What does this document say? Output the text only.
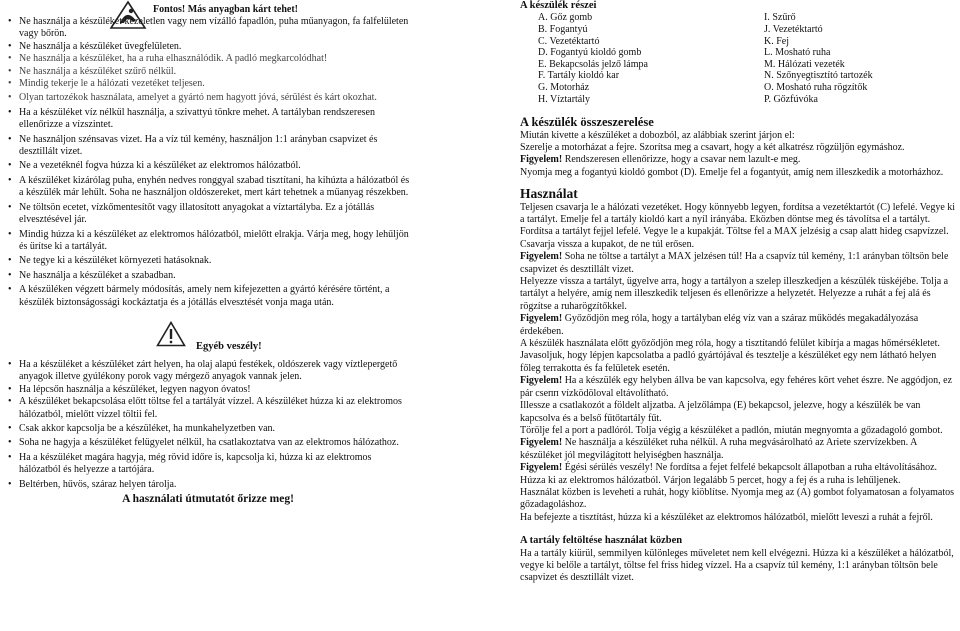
Fontos! Más anyagban kárt tehet!
• Ne használja a készüléket kezeletlen vagy nem vízálló fapadlón, puha műanyagon, fa falfelületen vagy bőrön.
• Ne használja a készüléket üvegfelületen.
• Ne használja a készüléket, ha a ruha elhasználódik. A padló megkarcolódhat!
• Ne használja a készüléket szűrő nélkül.
• Mindig tekerje le a hálózati vezetéket teljesen.
• Olyan tartozékok használata, amelyet a gyártó nem hagyott jóvá, sérülést és kárt okozhat.
• Ha a készüléket víz nélkül használja, a szivattyú tönkre mehet. A tartályban rendszeresen ellenőrizze a vízszintet.
• Ne használjon szénsavas vizet. Ha a víz túl kemény, használjon 1:1 arányban csapvizet és desztillált vizet.
• Ne a vezetéknél fogva húzza ki a készüléket az elektromos hálózatból.
• A készüléket kizárólag puha, enyhén nedves ronggyal szabad tisztítani, ha kihúzta a hálózatból és a készülék már lehűlt. Soha ne használjon oldószereket, mert kárt tehetnek a műanyag részekben.
• Ne töltsön ecetet, vízkőmentesítőt vagy illatosított anyagokat a víztartályba. Ez a jótállás elvesztésével jár.
• Mindig húzza ki a készüléket az elektromos hálózatból, mielőtt elrakja. Várja meg, hogy lehűljön és ürítse ki a tartályát.
• Ne tegye ki a készüléket környezeti hatásoknak.
• Ne használja a készüléket a szabadban.
• A készüléken végzett bármely módosítás, amely nem kifejezetten a gyártó kérésére történt, a készülék biztonságossági kockáztatja és a jótállás elvesztését vonja maga után.
Egyéb veszély!
• Ha a készüléket a készüléket zárt helyen, ha olaj alapú festékek, oldószerek vagy víztlepergető anyagok illetve gyúlékony porok vagy mérgező anyagok vannak jelen.
• Ha lépcsőn használja a készüléket, legyen nagyon óvatos!
• A készüléket bekapcsolása előtt töltse fel a tartályát vízzel. A készüléket húzza ki az elektromos hálózatból, mielőtt vízzel töltii fel.
• Csak akkor kapcsolja be a készüléket, ha munkahelyzetben van.
• Soha ne hagyja a készüléket felügyelet nélkül, ha csatlakoztatva van az elektromos hálózathoz.
• Ha a készüléket magára hagyja, még rövid időre is, kapcsolja ki, húzza ki az elektromos hálózatból és helyezze a tartójára.
• Beltérben, hűvös, száraz helyen tárolja.
A használati útmutatót őrizze meg!
A készülék részei
A. Gőz gomb	I. Szűrő
B. Fogantyú	J. Vezetéktartó
C. Vezetéktartó	K. Fej
D. Fogantyú kioldó gomb	L. Mosható ruha
E. Bekapcsolás jelző lámpa	M. Hálózati vezeték
F. Tartály kioldó kar	N. Szőnyegtisztító tartozék
G. Motorház	O. Mosható ruha rögzítők
H. Víztartály	P. Gőzfúvóka
A készülék összeszerelése

Miután kivette a készüléket a dobozból, az alábbiak szerint járjon el:

Szerelje a motorházat a fejre. Szorítsa meg a csavart, hogy a két alkatrész rögzüljön egymáshoz.

Figyelem! Rendszeresen ellenőrizze, hogy a csavar nem lazult-e meg.

Nyomja meg a fogantyú kioldó gombot (D). Emelje fel a fogantyút, amíg nem illeszkedik a motorházhoz.

Használat

Teljesen csavarja le a hálózati vezetéket. Hogy könnyebb legyen, fordítsa a vezetéktartót (C) lefelé. Vegye ki a tartályt. Emelje fel a tartály kioldó kart a nyíl irányába. Eközben döntse meg és távolítsa el a tartályt. Fordítsa a tartályt fejjel lefelé. Vegye le a kupakját. Töltse fel a MAX jelzésig a csap alatt hideg csapvízzel. Csavarja vissza a kupakot, de ne túl erősen.

Figyelem! Soha ne töltse a tartályt a MAX jelzésen túl! Ha a csapvíz túl kemény, 1:1 arányban töltsön bele csapvizet és desztillált vizet.

Helyezze vissza a tartályt, ügyelve arra, hogy a tartályon a szelep illeszkedjen a készülék tüskéjébe. Tolja a tartályt a helyére, amíg nem illeszkedik teljesen és ellenőrizze a helyzetét. Helyezze a ruhát a fej alá és rögzítse a ruharögzítőkkel.

Figyelem! Győződjön meg róla, hogy a tartályban elég víz van a száraz működés megakadályozása érdekében.

A készülék használata előtt győződjön meg róla, hogy a tisztítandó felület kibírja a magas hőmérsékletet. Javasoljuk, hogy lépjen kapcsolatba a padló gyártójával és tesztelje a készüléket egy nem látható helyen főleg terrakotta és fa felületek esetén.

Figyelem! Ha a készülék egy helyben állva be van kapcsolva, egy fehéres kört vehet észre. Ne aggódjon, ez pár cseпп vízködöloval eltávolítható.

Illessze a csatlakozót a földelt aljzatba. A jelzőlámpa (E) bekapcsol, jelezve, hogy a készülék be van kapcsolva és a belső fűtőtartály fűt.

Törölje fel a port a padlóról. Tolja végig a készüléket a padlón, miután megnyomta a gőzadagoló gombot.

Figyelem! Ne használja a készüléket ruha nélkül. A ruha megvásárolható az Ariete szervízekben. A készüléket jól megvilágított helyiségben használja.

Figyelem! Égési sérülés veszély! Ne fordítsa a fejet felfelé bekapcsolt állapotban a ruha eltávolításához. Húzza ki az elektromos hálózatból. Várjon legalább 5 percet, hogy a fej és a ruha is lehűljenek.

Használat közben is leveheti a ruhát, hogy kiöblítse. Nyomja meg az (A) gombot folyamatosan a folyamatos gőzadagoláshoz.

Ha befejezte a tisztítást, húzza ki a készüléket az elektromos hálózatból, mielőtt leveszi a ruhát a fejről.

A tartály feltöltése használat közben

Ha a tartály kiürül, semmilyen különleges műveletet nem kell elvégezni. Húzza ki a készüléket a hálózatból, vegye ki belőle a tartályt, töltse fel friss hideg vízzel. Ha a csapvíz túl kemény, 1:1 arányban töltsön bele csapvizet és desztillált vizet.
